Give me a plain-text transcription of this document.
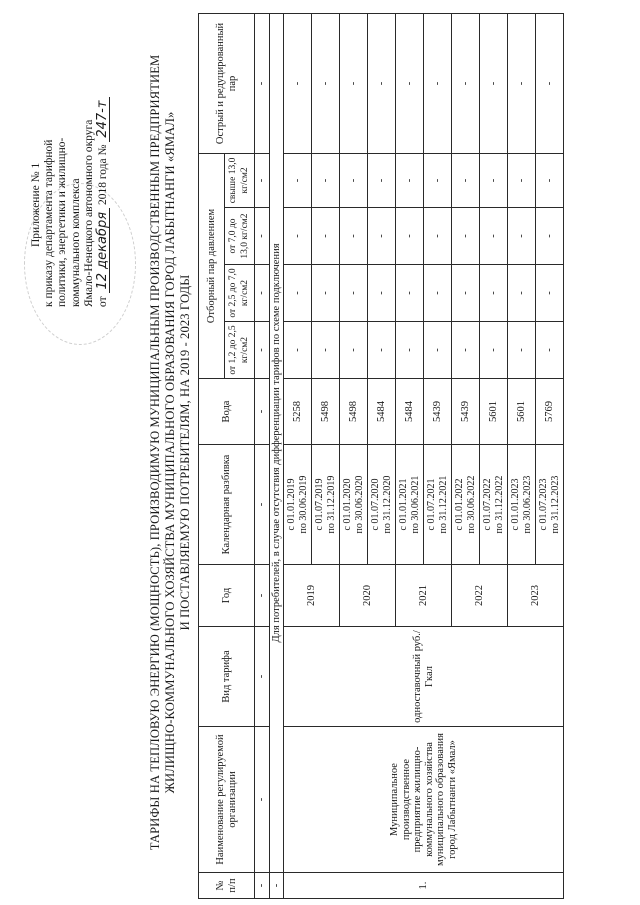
Приложение № 1 к приказу департамента тарифной политики, энергетики и жилищно- коммунального комплекса Ямало-Ненецкого автономного округа от 12 декабря 2018 года № 247-т	ТАРИФЫ НА ТЕПЛОВУЮ ЭНЕРГИЮ (МОЩНОСТЬ), ПРОИЗВОДИМУЮ МУНИЦИПАЛЬНЫМ ПРОИЗВОДСТВЕННЫМ ПРЕДПРИЯТИЕМ ЖИЛИЩНО-КОММУНАЛЬНОГО ХОЗЯЙСТВА МУНИЦИПАЛЬНОГО ОБРАЗОВАНИЯ ГОРОД ЛАБЫТНАНГИ «ЯМАЛ» И ПОСТАВЛЯЕМУЮ ПОТРЕБИТЕЛЯМ, НА 2019 - 2023 ГОДЫ
№ п/п	Наименование регулируемой организации	Вид тарифа	Год	Календарная разбивка	Вода	Отборный пар давлением				Острый и редуцированный пар
						от 1,2 до 2,5 кг/см2	от 2,5 до 7,0 кг/см2	от 7,0 до 13,0 кг/см2	свыше 13,0 кг/см2	
-	-	-	-	-	-	-	-	-	-	-
-	Для потребителей, в случае отсутствия дифференциации тарифов по схеме подключения									
1.	Муниципальное производственное предприятие жилищно-коммунального хозяйства муниципального образования город Лабытнанги «Ямал»	одноставочный руб./Гкал	2019	с 01.01.2019 по 30.06.2019	5258	-	-	-	-	-

				с 01.07.2019 по 31.12.2019	5498	-	-	-	-	-
			2020	с 01.01.2020 по 30.06.2020	5498	-	-	-	-	-

				с 01.07.2020 по 31.12.2020	5484	-	-	-	-	-
			2021	с 01.01.2021 по 30.06.2021	5484	-	-	-	-	-

				с 01.07.2021 по 31.12.2021	5439	-	-	-	-	-
			2022	с 01.01.2022 по 30.06.2022	5439	-	-	-	-	-

				с 01.07.2022 по 31.12.2022	5601	-	-	-	-	-
			2023	с 01.01.2023 по 30.06.2023	5601	-	-	-	-	-

				с 01.07.2023 по 31.12.2023	5769	-	-	-	-	-
